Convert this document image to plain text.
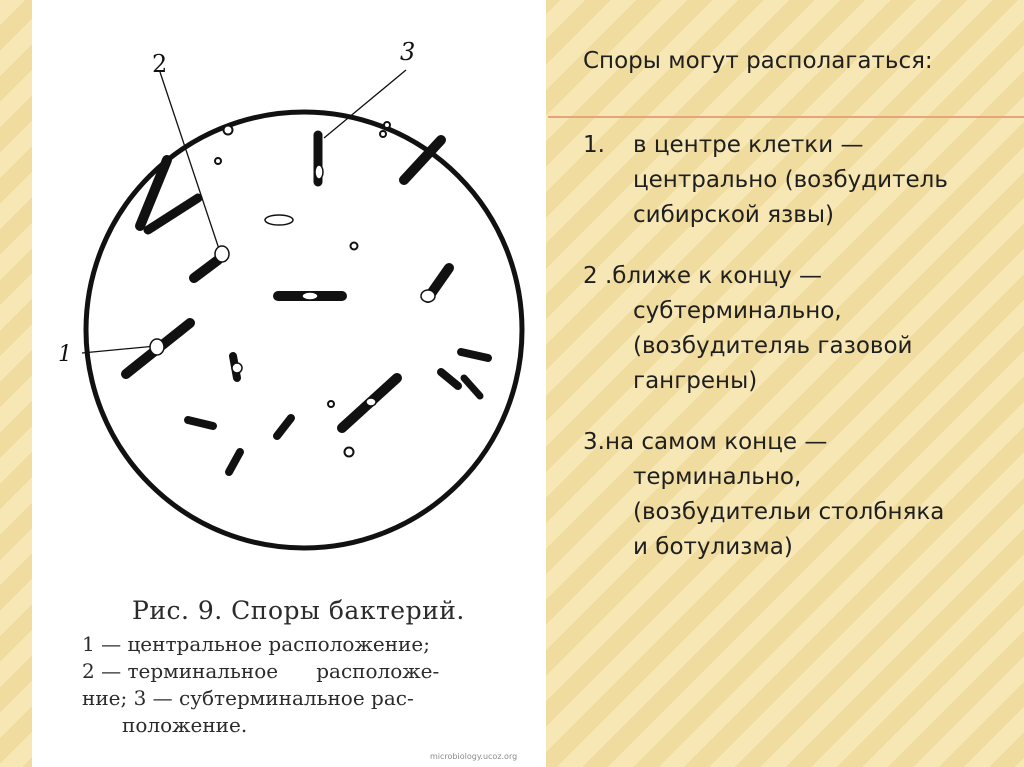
1
2	3
Рис. 9. Споры бактерий.
1 — центральное расположение;
2 — терминальное      расположе-
ние; 3 — субтерминальное рас-
положение.
microbiology.ucoz.org
Споры могут располагаться:
1.	в центре клетки —
центрально (возбудитель
сибирской язвы)
2 .ближе к концу —
субтерминально,
(возбудителяь газовой
гангрены)
3.на самом конце —
терминально,
(возбудительи столбняка
и ботулизма)
